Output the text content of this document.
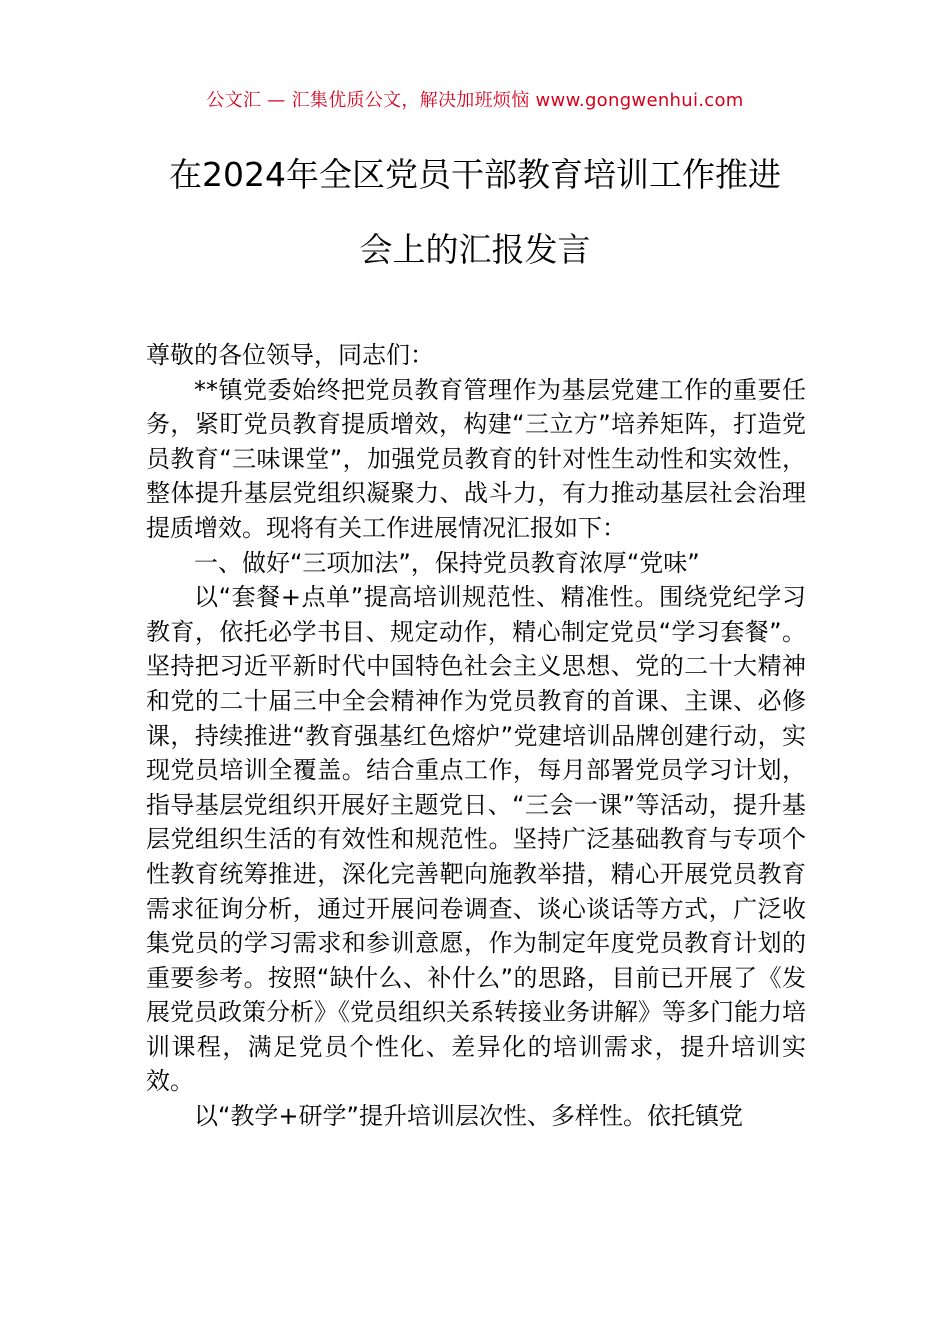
公文汇 — 汇集优质公文，解决加班烦恼 www.gongwenhui.com
在2024年全区党员干部教育培训工作推进
会上的汇报发言

尊敬的各位领导，同志们：

**镇党委始终把党员教育管理作为基层党建工作的重要任务，紧盯党员教育提质增效，构建“三立方”培养矩阵，打造党员教育“三味课堂”，加强党员教育的针对性生动性和实效性，整体提升基层党组织凝聚力、战斗力，有力推动基层社会治理提质增效。现将有关工作进展情况汇报如下：

一、做好“三项加法”，保持党员教育浓厚“党味”

以“套餐+点单”提高培训规范性、精准性。围绕党纪学习教育，依托必学书目、规定动作，精心制定党员“学习套餐”。坚持把习近平新时代中国特色社会主义思想、党的二十大精神和党的二十届三中全会精神作为党员教育的首课、主课、必修课，持续推进“教育强基红色熔炉”党建培训品牌创建行动，实现党员培训全覆盖。结合重点工作，每月部署党员学习计划，指导基层党组织开展好主题党日、“三会一课”等活动，提升基层党组织生活的有效性和规范性。坚持广泛基础教育与专项个性教育统筹推进，深化完善靶向施教举措，精心开展党员教育需求征询分析，通过开展问卷调查、谈心谈话等方式，广泛收集党员的学习需求和参训意愿，作为制定年度党员教育计划的重要参考。按照“缺什么、补什么”的思路，目前已开展了《发展党员政策分析》《党员组织关系转接业务讲解》等多门能力培训课程，满足党员个性化、差异化的培训需求，提升培训实效。

以“教学+研学”提升培训层次性、多样性。依托镇党
